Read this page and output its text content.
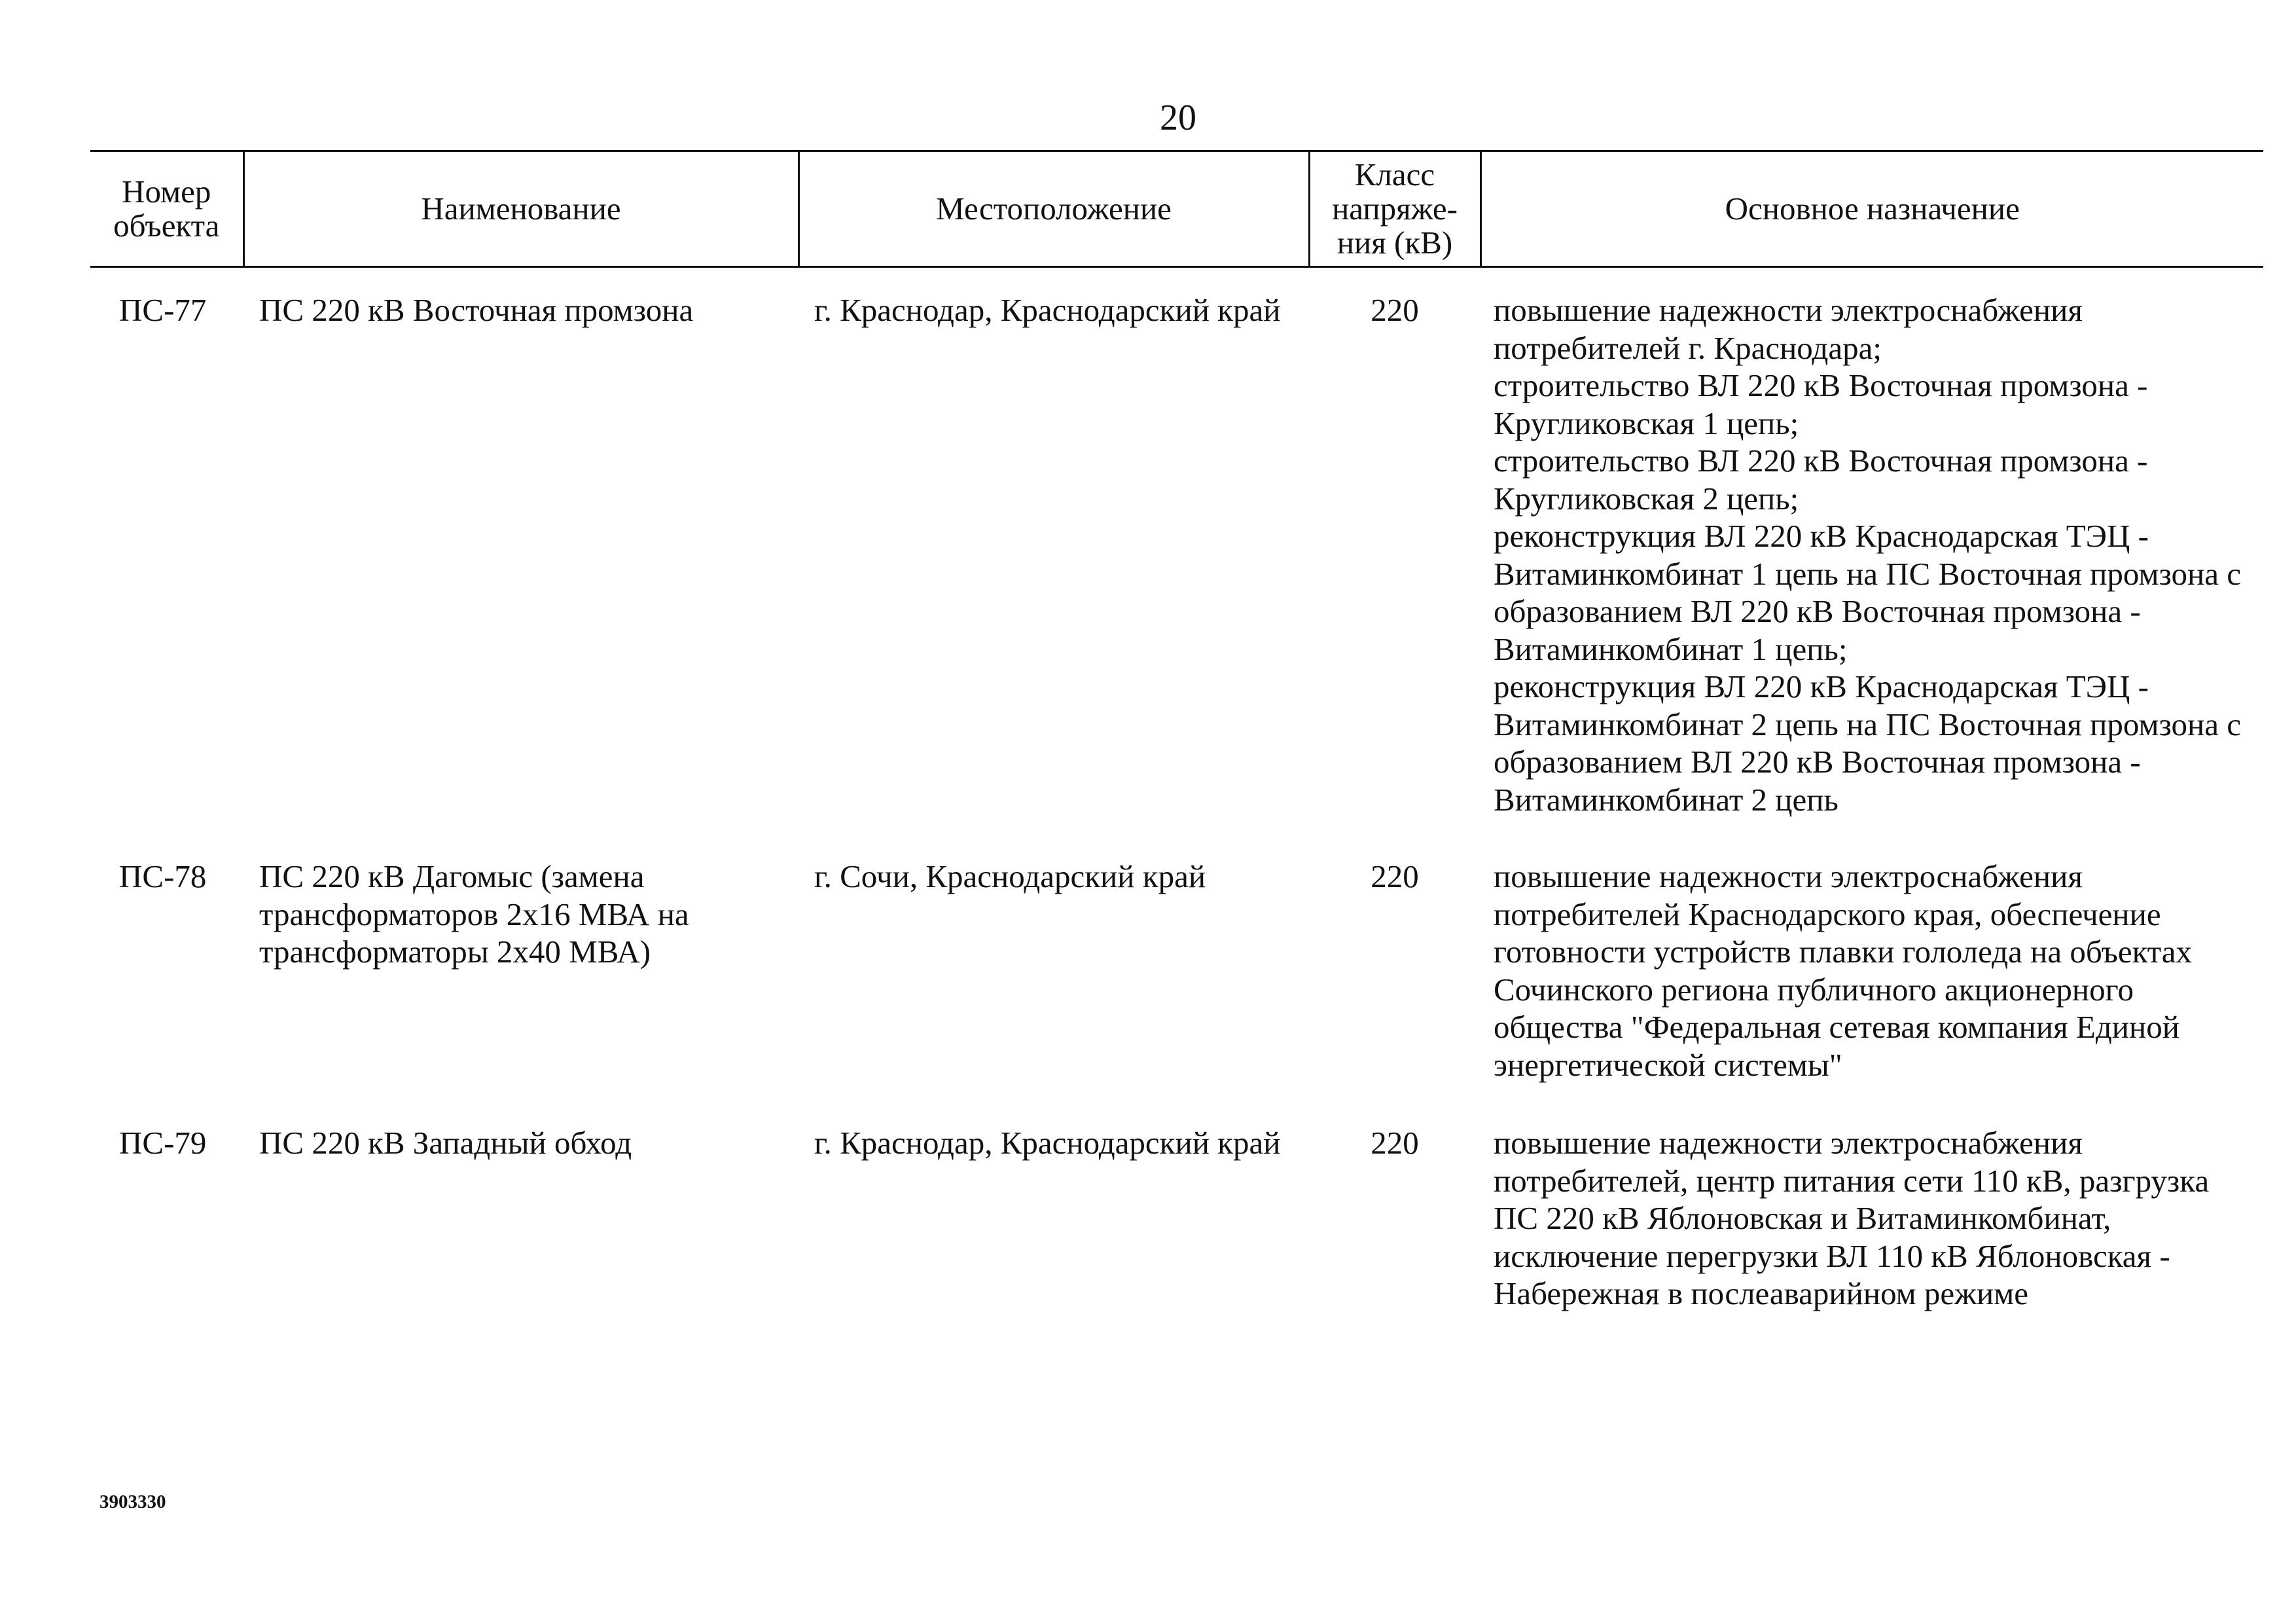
20
Номер объекта	Наименование	Местоположение	Класс напряже-ния (кВ)	Основное назначение
ПС-77	ПС 220 кВ Восточная промзона	г. Краснодар, Краснодарский край	220	повышение надежности электроснабжения потребителей г. Краснодара;
строительство ВЛ 220 кВ Восточная промзона - Кругликовская 1 цепь;
строительство ВЛ 220 кВ Восточная промзона - Кругликовская 2 цепь;
реконструкция ВЛ 220 кВ Краснодарская ТЭЦ - Витаминкомбинат 1 цепь на ПС Восточная промзона с образованием ВЛ 220 кВ Восточная промзона - Витаминкомбинат 1 цепь;
реконструкция ВЛ 220 кВ Краснодарская ТЭЦ - Витаминкомбинат 2 цепь на ПС Восточная промзона с образованием ВЛ 220 кВ Восточная промзона - Витаминкомбинат 2 цепь
ПС-78	ПС 220 кВ Дагомыс (замена трансформаторов 2х16 МВА на трансформаторы 2х40 МВА)	г. Сочи, Краснодарский край	220	повышение надежности электроснабжения потребителей Краснодарского края, обеспечение готовности устройств плавки гололеда на объектах Сочинского региона публичного акционерного общества "Федеральная сетевая компания Единой энергетической системы"
ПС-79	ПС 220 кВ Западный обход	г. Краснодар, Краснодарский край	220	повышение надежности электроснабжения потребителей, центр питания сети 110 кВ, разгрузка ПС 220 кВ Яблоновская и Витаминкомбинат, исключение перегрузки ВЛ 110 кВ Яблоновская - Набережная в послеаварийном режиме
3903330
